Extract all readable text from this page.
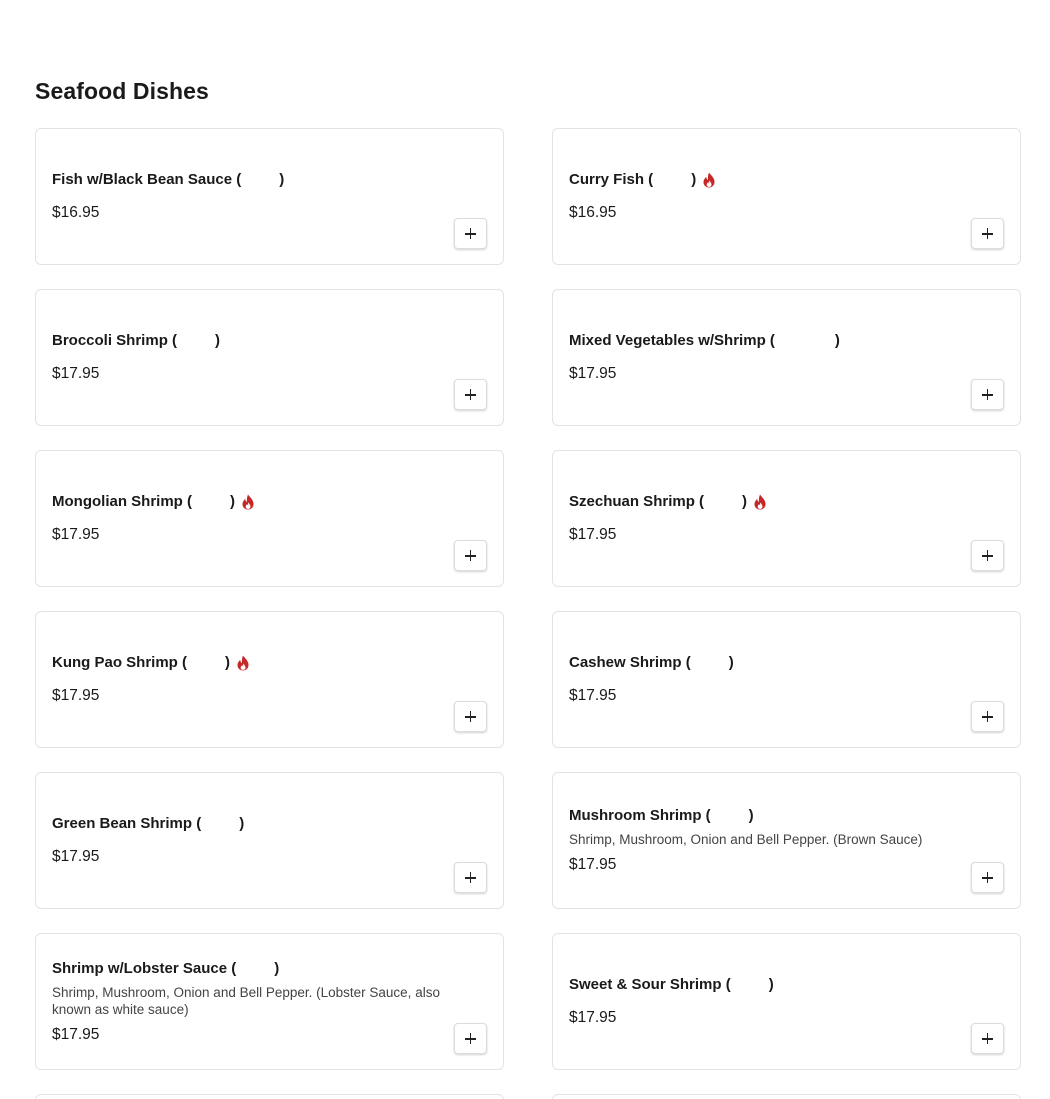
Seafood Dishes
Fish w/Black Bean Sauce (	)
$16.95
Curry Fish (	)
$16.95
Broccoli Shrimp (	)
$17.95
Mixed Vegetables w/Shrimp (	)
$17.95
Mongolian Shrimp (	)
$17.95
Szechuan Shrimp (	)
$17.95
Kung Pao Shrimp (	)
$17.95
Cashew Shrimp (	)
$17.95
Green Bean Shrimp (	)
$17.95
Mushroom Shrimp (	)
Shrimp, Mushroom, Onion and Bell Pepper. (Brown Sauce)
$17.95
Shrimp w/Lobster Sauce (	)
Shrimp, Mushroom, Onion and Bell Pepper. (Lobster Sauce, also known as white sauce)
$17.95
Sweet & Sour Shrimp (	)
$17.95
